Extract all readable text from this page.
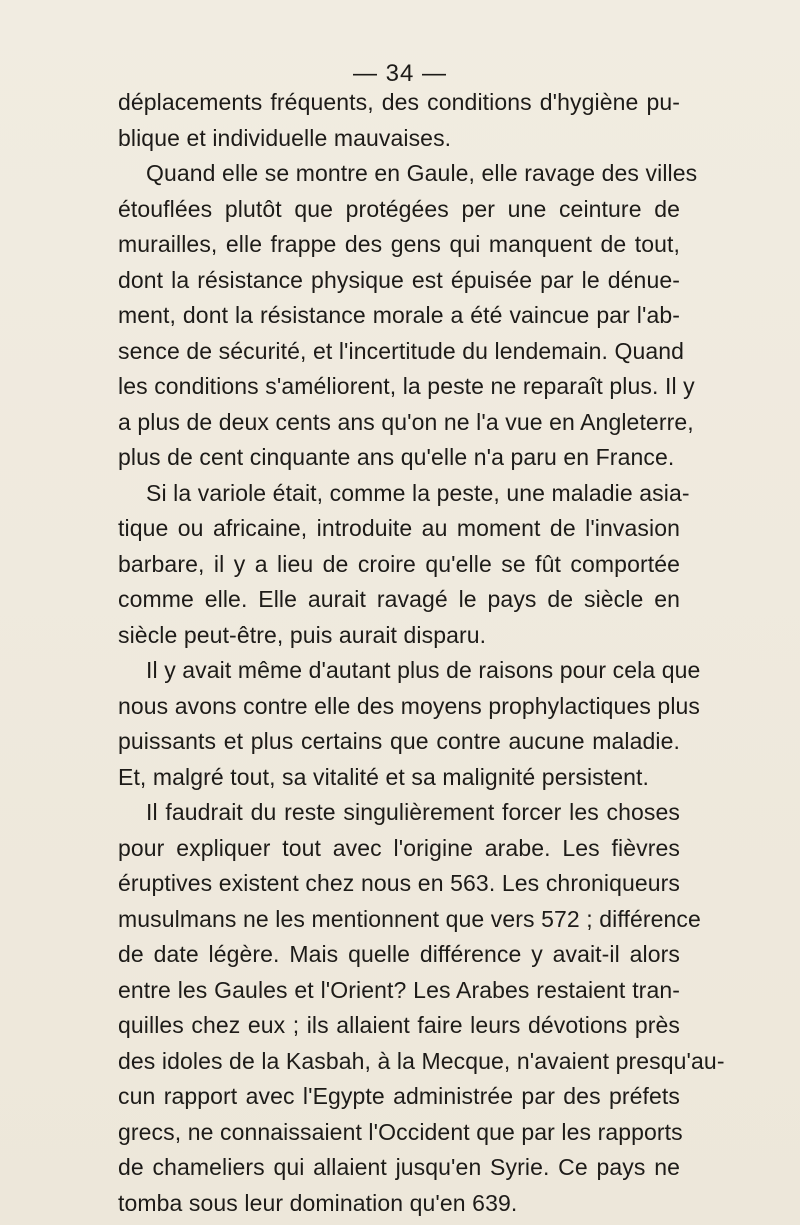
— 34 —
déplacements fréquents, des conditions d'hygiène pu-
blique et individuelle mauvaises.
Quand elle se montre en Gaule, elle ravage des villes
étouflées plutôt que protégées per une ceinture de
murailles, elle frappe des gens qui manquent de tout,
dont la résistance physique est épuisée par le dénue-
ment, dont la résistance morale a été vaincue par l'ab-
sence de sécurité, et l'incertitude du lendemain. Quand
les conditions s'améliorent, la peste ne reparaît plus. Il y
a plus de deux cents ans qu'on ne l'a vue en Angleterre,
plus de cent cinquante ans qu'elle n'a paru en France.
Si la variole était, comme la peste, une maladie asia-
tique ou africaine, introduite au moment de l'invasion
barbare, il y a lieu de croire qu'elle se fût comportée
comme elle. Elle aurait ravagé le pays de siècle en
siècle peut-être, puis aurait disparu.
Il y avait même d'autant plus de raisons pour cela que
nous avons contre elle des moyens prophylactiques plus
puissants et plus certains que contre aucune maladie.
Et, malgré tout, sa vitalité et sa malignité persistent.
Il faudrait du reste singulièrement forcer les choses
pour expliquer tout avec l'origine arabe. Les fièvres
éruptives existent chez nous en 563. Les chroniqueurs
musulmans ne les mentionnent que vers 572 ; différence
de date légère. Mais quelle différence y avait-il alors
entre les Gaules et l'Orient? Les Arabes restaient tran-
quilles chez eux ; ils allaient faire leurs dévotions près
des idoles de la Kasbah, à la Mecque, n'avaient presqu'au-
cun rapport avec l'Egypte administrée par des préfets
grecs, ne connaissaient l'Occident que par les rapports
de chameliers qui allaient jusqu'en Syrie. Ce pays ne
tomba sous leur domination qu'en 639.
